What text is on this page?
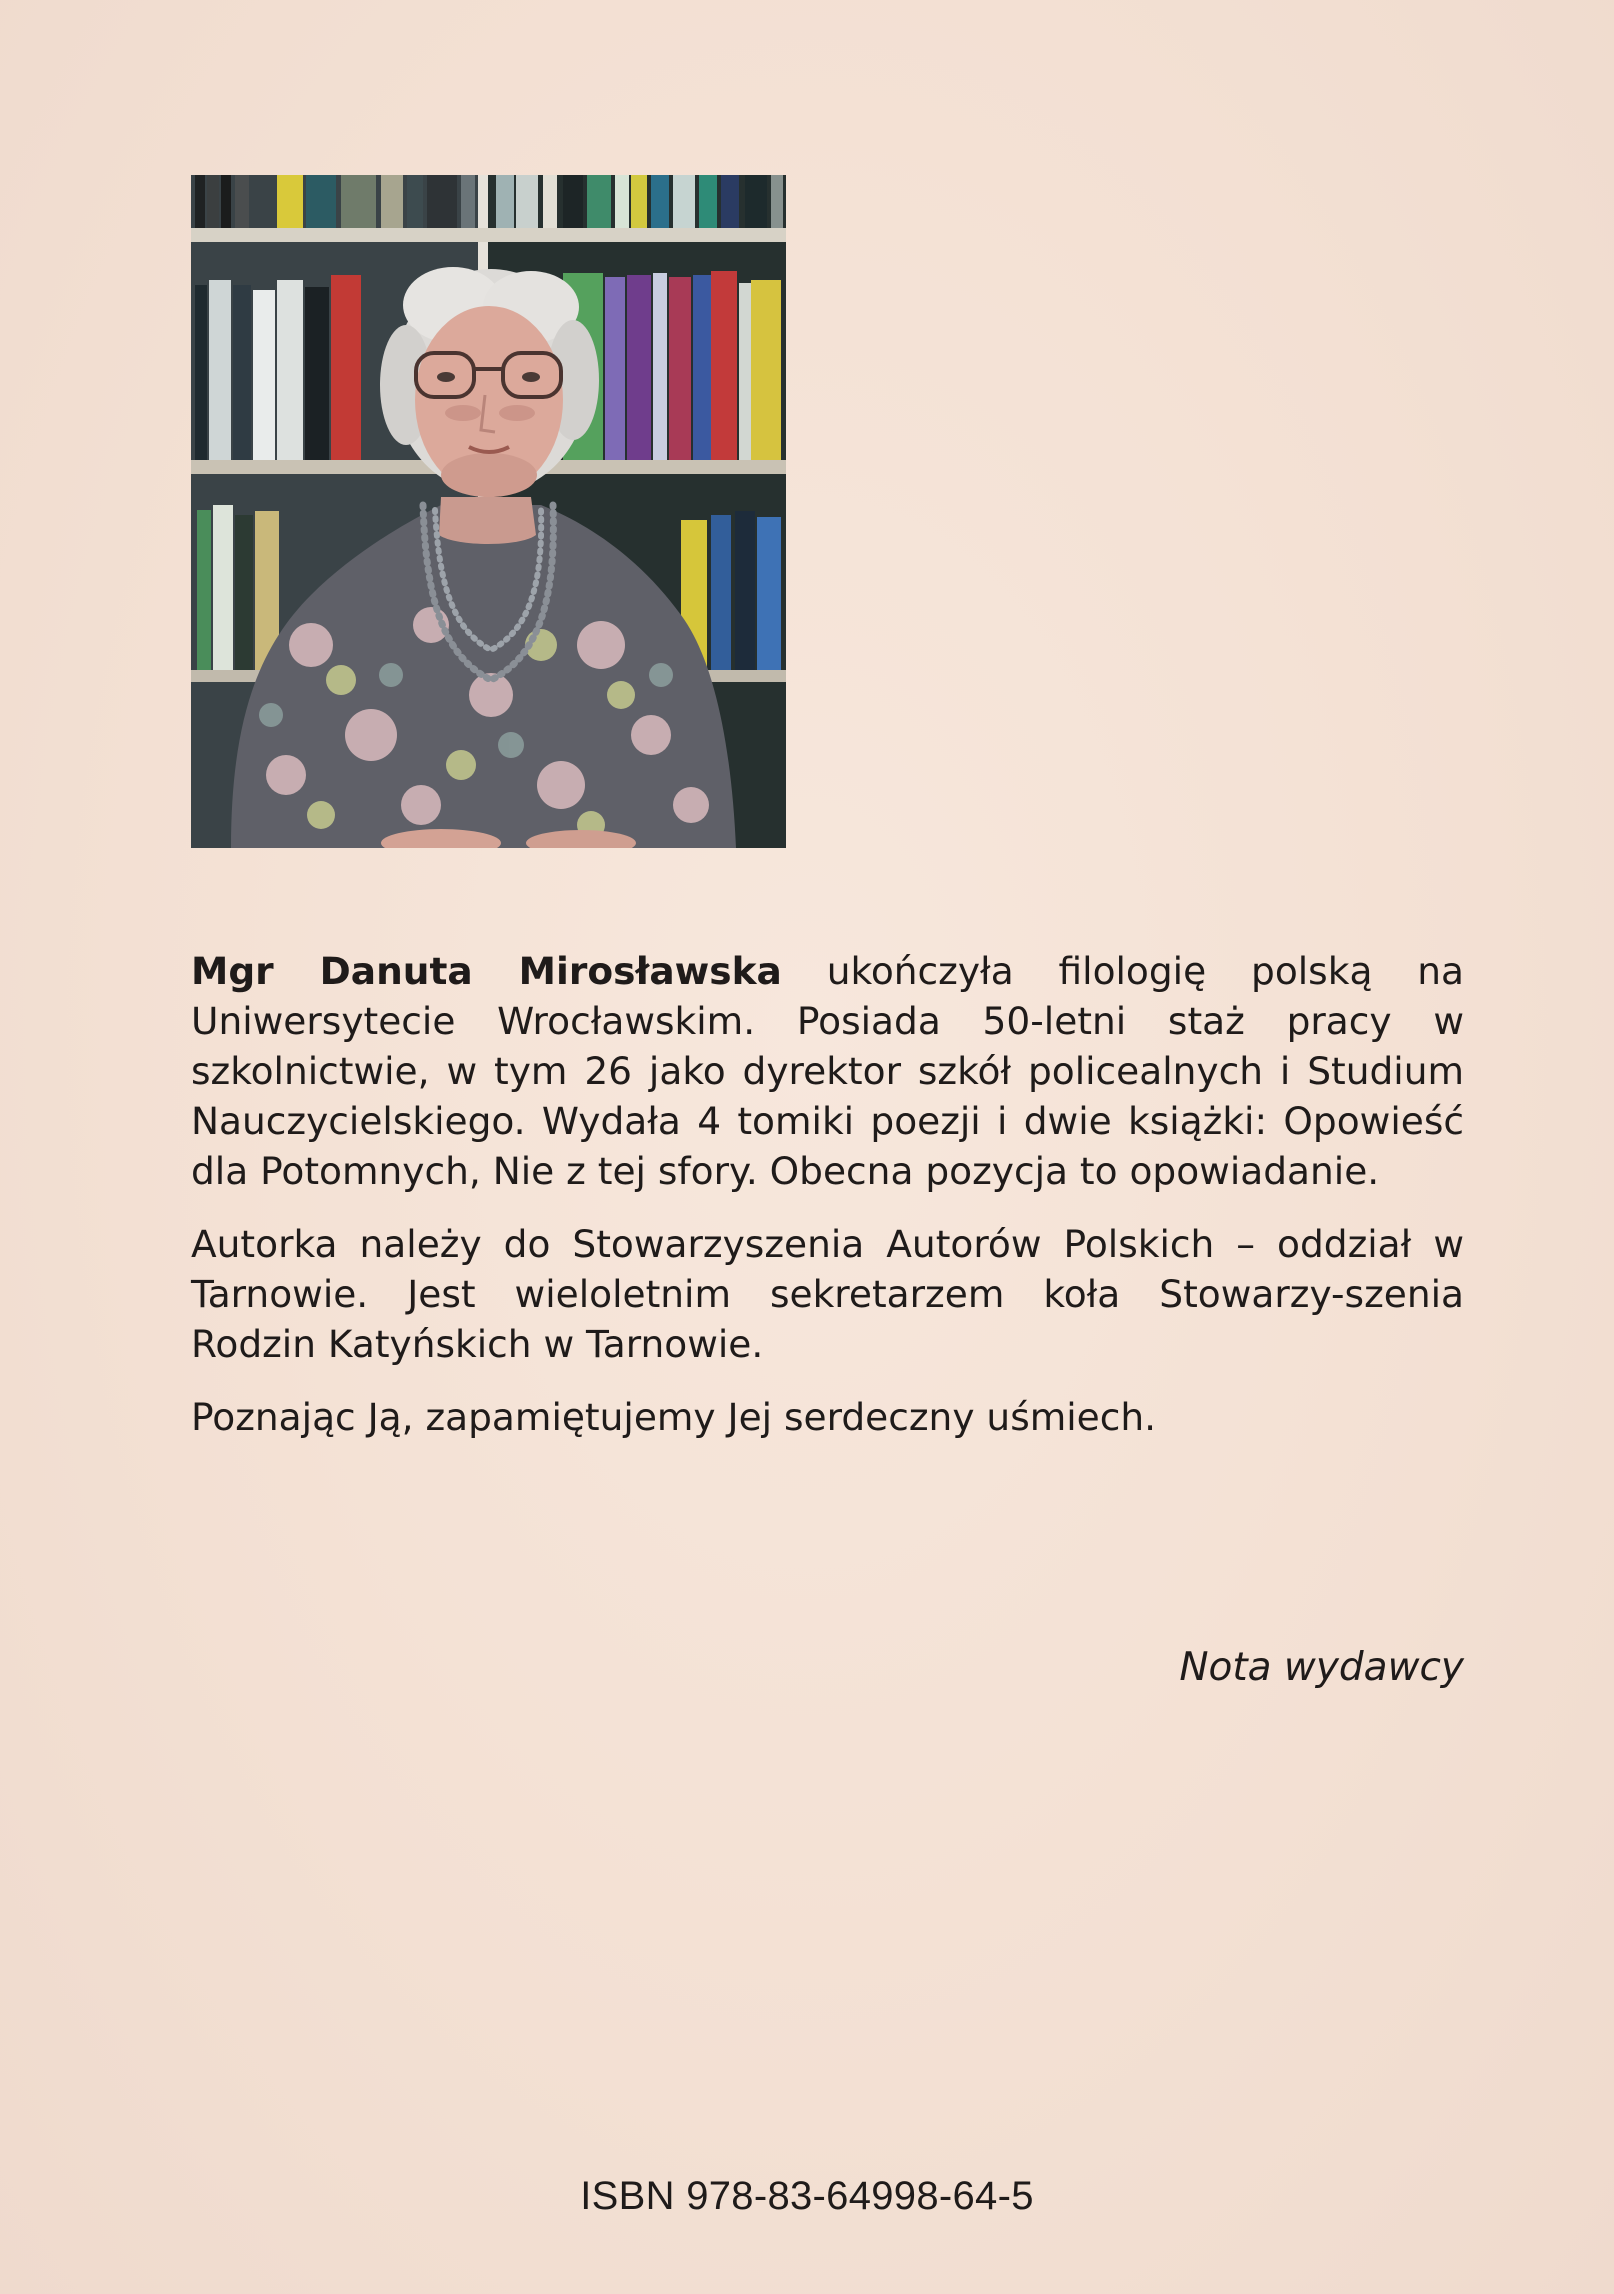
Mgr Danuta Mirosławska ukończyła filologię polską na Uniwersytecie Wrocławskim. Posiada 50-letni staż pracy w szkolnictwie, w tym 26 jako dyrektor szkół policealnych i Studium Nauczycielskiego. Wydała 4 tomiki poezji i dwie książki: Opowieść dla Potomnych, Nie z tej sfory. Obecna pozycja to opowiadanie.

Autorka należy do Stowarzyszenia Autorów Polskich – oddział w Tarnowie. Jest wieloletnim sekretarzem koła Stowarzy-szenia Rodzin Katyńskich w Tarnowie.

Poznając Ją, zapamiętujemy Jej serdeczny uśmiech.

Nota wydawcy
ISBN 978-83-64998-64-5
